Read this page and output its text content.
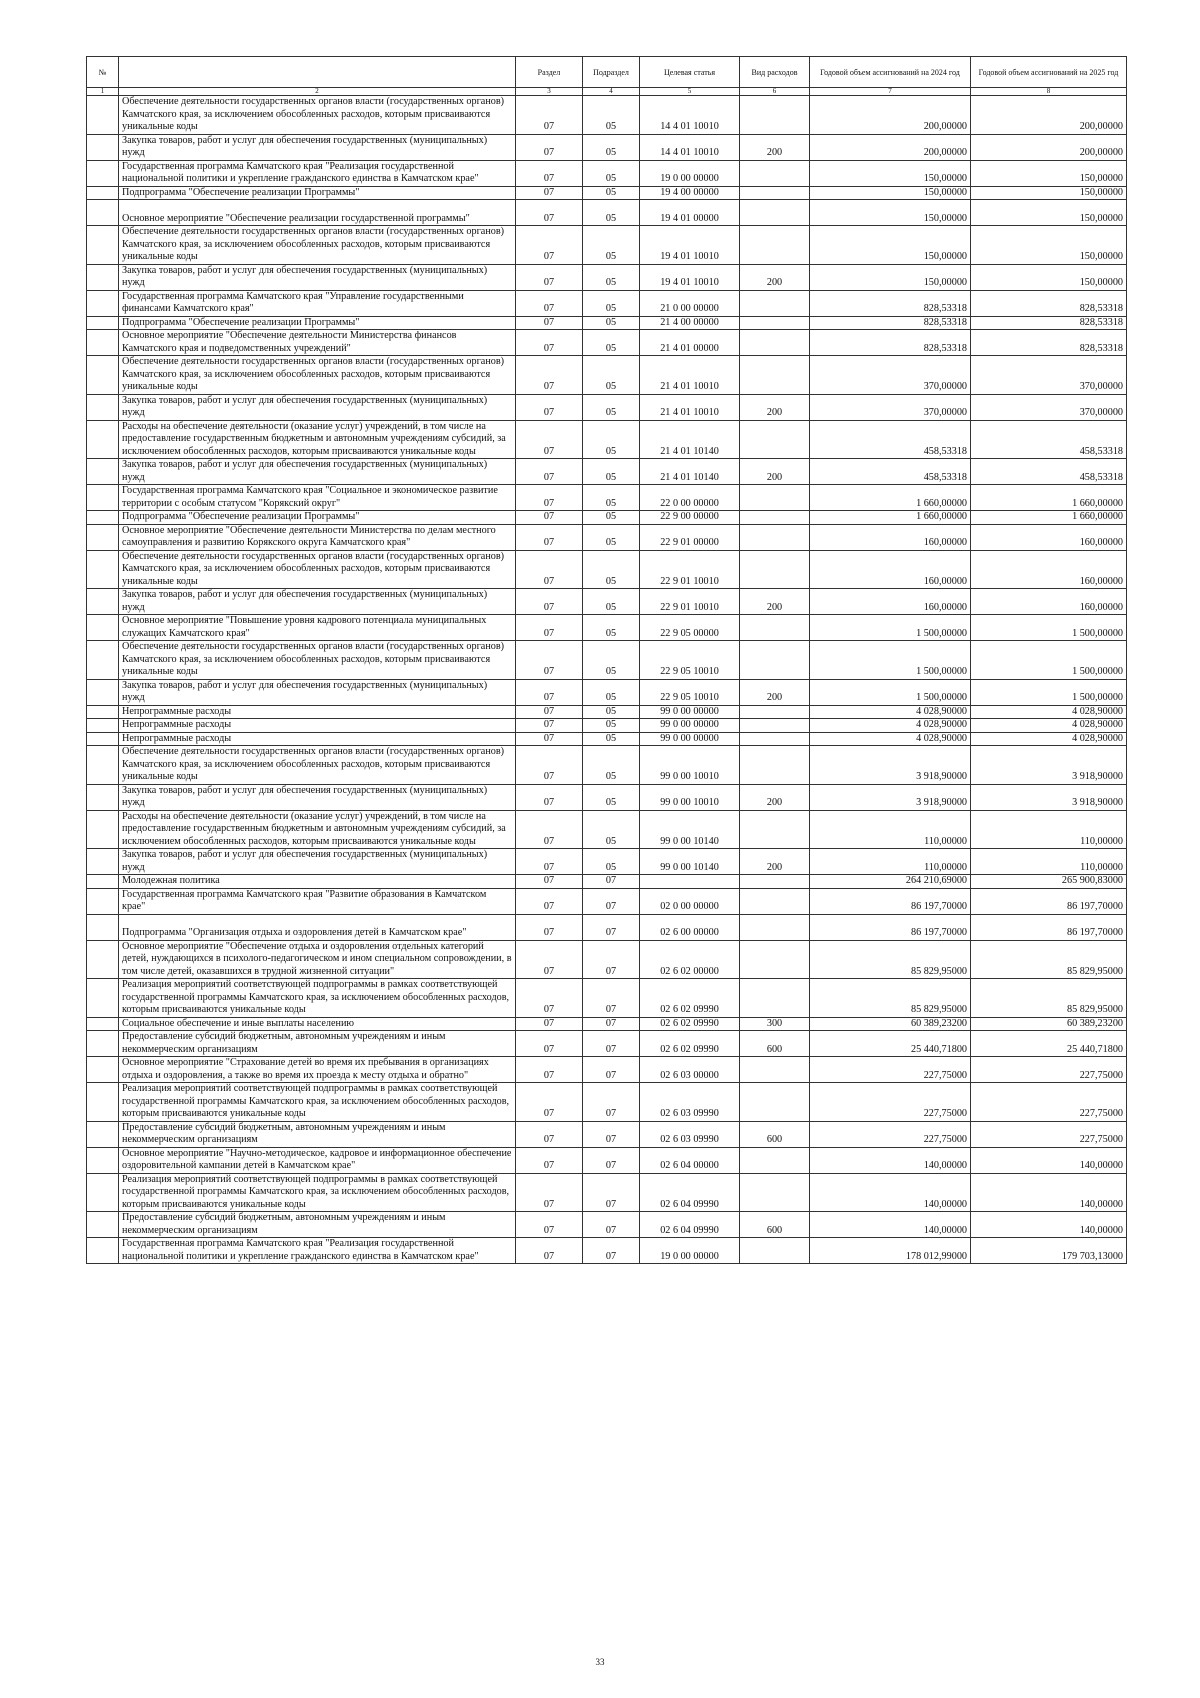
№		Раздел	Подраздел	Целевая статья	Вид расходов	Годовой объем ассигнований на 2024 год	Годовой объем ассигнований на 2025 год
1	2	3	4	5	6	7	8
	Обеспечение деятельности государственных органов власти (государственных органов) Камчатского края, за исключением обособленных расходов, которым присваиваются уникальные коды	07	05	14 4 01 10010		200,00000	200,00000
	Закупка товаров, работ и услуг для обеспечения государственных (муниципальных) нужд	07	05	14 4 01 10010	200	200,00000	200,00000
	Государственная программа Камчатского края "Реализация государственной национальной политики и укрепление гражданского единства в Камчатском крае"	07	05	19 0 00 00000		150,00000	150,00000
	Подпрограмма "Обеспечение реализации Программы"	07	05	19 4 00 00000		150,00000	150,00000
	Основное мероприятие "Обеспечение реализации государственной программы"	07	05	19 4 01 00000		150,00000	150,00000
	Обеспечение деятельности государственных органов власти (государственных органов) Камчатского края, за исключением обособленных расходов, которым присваиваются уникальные коды	07	05	19 4 01 10010		150,00000	150,00000
	Закупка товаров, работ и услуг для обеспечения государственных (муниципальных) нужд	07	05	19 4 01 10010	200	150,00000	150,00000
	Государственная программа Камчатского края "Управление государственными финансами Камчатского края"	07	05	21 0 00 00000		828,53318	828,53318
	Подпрограмма "Обеспечение реализации Программы"	07	05	21 4 00 00000		828,53318	828,53318
	Основное мероприятие "Обеспечение деятельности Министерства финансов Камчатского края и подведомственных учреждений"	07	05	21 4 01 00000		828,53318	828,53318
	Обеспечение деятельности государственных органов власти (государственных органов) Камчатского края, за исключением обособленных расходов, которым присваиваются уникальные коды	07	05	21 4 01 10010		370,00000	370,00000
	Закупка товаров, работ и услуг для обеспечения государственных (муниципальных) нужд	07	05	21 4 01 10010	200	370,00000	370,00000
	Расходы на обеспечение деятельности (оказание услуг) учреждений, в том числе на предоставление государственным бюджетным и автономным учреждениям субсидий, за исключением обособленных расходов, которым присваиваются уникальные коды	07	05	21 4 01 10140		458,53318	458,53318
	Закупка товаров, работ и услуг для обеспечения государственных (муниципальных) нужд	07	05	21 4 01 10140	200	458,53318	458,53318
	Государственная программа Камчатского края "Социальное и экономическое развитие территории с особым статусом "Корякский округ"	07	05	22 0 00 00000		1 660,00000	1 660,00000
	Подпрограмма "Обеспечение реализации Программы"	07	05	22 9 00 00000		1 660,00000	1 660,00000
	Основное мероприятие "Обеспечение деятельности Министерства по делам местного самоуправления и развитию Корякского округа Камчатского края"	07	05	22 9 01 00000		160,00000	160,00000
	Обеспечение деятельности государственных органов власти (государственных органов) Камчатского края, за исключением обособленных расходов, которым присваиваются уникальные коды	07	05	22 9 01 10010		160,00000	160,00000
	Закупка товаров, работ и услуг для обеспечения государственных (муниципальных) нужд	07	05	22 9 01 10010	200	160,00000	160,00000
	Основное мероприятие "Повышение уровня кадрового потенциала муниципальных служащих Камчатского края"	07	05	22 9 05 00000		1 500,00000	1 500,00000
	Обеспечение деятельности государственных органов власти (государственных органов) Камчатского края, за исключением обособленных расходов, которым присваиваются уникальные коды	07	05	22 9 05 10010		1 500,00000	1 500,00000
	Закупка товаров, работ и услуг для обеспечения государственных (муниципальных) нужд	07	05	22 9 05 10010	200	1 500,00000	1 500,00000
	Непрограммные расходы	07	05	99 0 00 00000		4 028,90000	4 028,90000
	Непрограммные расходы	07	05	99 0 00 00000		4 028,90000	4 028,90000
	Непрограммные расходы	07	05	99 0 00 00000		4 028,90000	4 028,90000
	Обеспечение деятельности государственных органов власти (государственных органов) Камчатского края, за исключением обособленных расходов, которым присваиваются уникальные коды	07	05	99 0 00 10010		3 918,90000	3 918,90000
	Закупка товаров, работ и услуг для обеспечения государственных (муниципальных) нужд	07	05	99 0 00 10010	200	3 918,90000	3 918,90000
	Расходы на обеспечение деятельности (оказание услуг) учреждений, в том числе на предоставление государственным бюджетным и автономным учреждениям субсидий, за исключением обособленных расходов, которым присваиваются уникальные коды	07	05	99 0 00 10140		110,00000	110,00000
	Закупка товаров, работ и услуг для обеспечения государственных (муниципальных) нужд	07	05	99 0 00 10140	200	110,00000	110,00000
	Молодежная политика	07	07			264 210,69000	265 900,83000
	Государственная программа Камчатского края "Развитие образования в Камчатском крае"	07	07	02 0 00 00000		86 197,70000	86 197,70000
	Подпрограмма "Организация отдыха и оздоровления детей в Камчатском крае"	07	07	02 6 00 00000		86 197,70000	86 197,70000
	Основное мероприятие "Обеспечение отдыха и оздоровления отдельных категорий детей, нуждающихся в психолого-педагогическом и ином специальном сопровождении, в том числе детей, оказавшихся в трудной жизненной ситуации"	07	07	02 6 02 00000		85 829,95000	85 829,95000
	Реализация мероприятий соответствующей подпрограммы в рамках соответствующей государственной программы Камчатского края, за исключением обособленных расходов, которым присваиваются уникальные коды	07	07	02 6 02 09990		85 829,95000	85 829,95000
	Социальное обеспечение и иные выплаты населению	07	07	02 6 02 09990	300	60 389,23200	60 389,23200
	Предоставление субсидий бюджетным, автономным учреждениям и иным некоммерческим организациям	07	07	02 6 02 09990	600	25 440,71800	25 440,71800
	Основное мероприятие "Страхование детей во время их пребывания в организациях отдыха и оздоровления, а также во время их проезда к месту отдыха и обратно"	07	07	02 6 03 00000		227,75000	227,75000
	Реализация мероприятий соответствующей подпрограммы в рамках соответствующей государственной программы Камчатского края, за исключением обособленных расходов, которым присваиваются уникальные коды	07	07	02 6 03 09990		227,75000	227,75000
	Предоставление субсидий бюджетным, автономным учреждениям и иным некоммерческим организациям	07	07	02 6 03 09990	600	227,75000	227,75000
	Основное мероприятие "Научно-методическое, кадровое и информационное обеспечение оздоровительной кампании детей в Камчатском крае"	07	07	02 6 04 00000		140,00000	140,00000
	Реализация мероприятий соответствующей подпрограммы в рамках соответствующей государственной программы Камчатского края, за исключением обособленных расходов, которым присваиваются уникальные коды	07	07	02 6 04 09990		140,00000	140,00000
	Предоставление субсидий бюджетным, автономным учреждениям и иным некоммерческим организациям	07	07	02 6 04 09990	600	140,00000	140,00000
	Государственная программа Камчатского края "Реализация государственной национальной политики и укрепление гражданского единства в Камчатском крае"	07	07	19 0 00 00000		178 012,99000	179 703,13000
33
